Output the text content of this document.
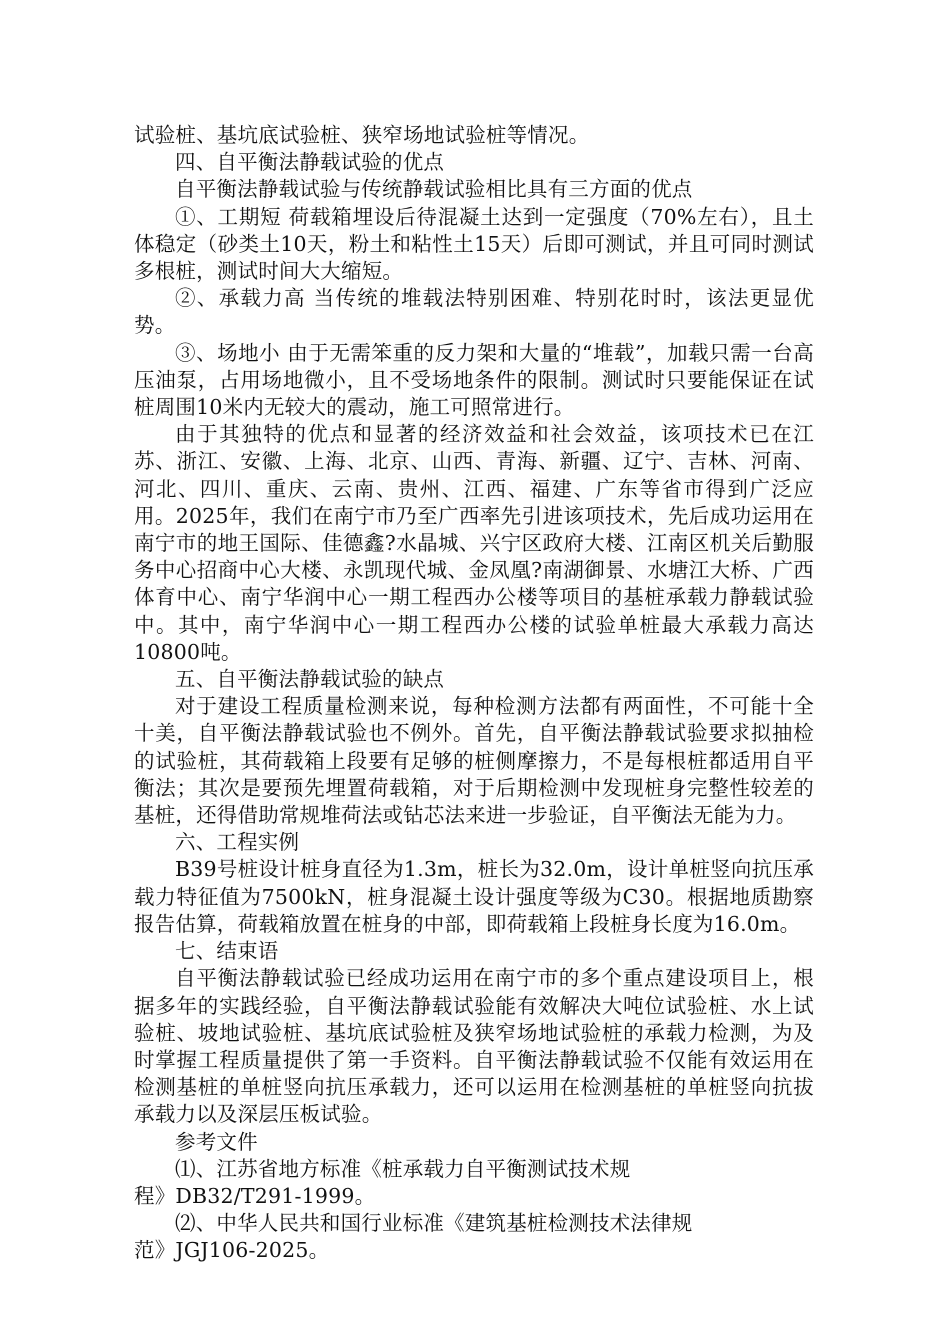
试验桩、基坑底试验桩、狭窄场地试验桩等情况。

四、自平衡法静载试验的优点

自平衡法静载试验与传统静载试验相比具有三方面的优点

①、工期短 荷载箱埋设后待混凝土达到一定强度（70%左右），且土体稳定（砂类土10天，粉土和粘性土15天）后即可测试，并且可同时测试多根桩，测试时间大大缩短。

②、承载力高 当传统的堆载法特别困难、特别花时时，该法更显优势。

③、场地小 由于无需笨重的反力架和大量的“堆载”，加载只需一台高压油泵，占用场地微小，且不受场地条件的限制。测试时只要能保证在试桩周围10米内无较大的震动，施工可照常进行。

由于其独特的优点和显著的经济效益和社会效益，该项技术已在江苏、浙江、安徽、上海、北京、山西、青海、新疆、辽宁、吉林、河南、河北、四川、重庆、云南、贵州、江西、福建、广东等省市得到广泛应用。2025年，我们在南宁市乃至广西率先引进该项技术，先后成功运用在南宁市的地王国际、佳德鑫?水晶城、兴宁区政府大楼、江南区机关后勤服务中心招商中心大楼、永凯现代城、金凤凰?南湖御景、水塘江大桥、广西体育中心、南宁华润中心一期工程西办公楼等项目的基桩承载力静载试验中。其中，南宁华润中心一期工程西办公楼的试验单桩最大承载力高达10800吨。

五、自平衡法静载试验的缺点

对于建设工程质量检测来说，每种检测方法都有两面性，不可能十全十美，自平衡法静载试验也不例外。首先，自平衡法静载试验要求拟抽检的试验桩，其荷载箱上段要有足够的桩侧摩擦力，不是每根桩都适用自平衡法；其次是要预先埋置荷载箱，对于后期检测中发现桩身完整性较差的基桩，还得借助常规堆荷法或钻芯法来进一步验证，自平衡法无能为力。

六、工程实例

B39号桩设计桩身直径为1.3m，桩长为32.0m，设计单桩竖向抗压承载力特征值为7500kN，桩身混凝土设计强度等级为C30。根据地质勘察报告估算，荷载箱放置在桩身的中部，即荷载箱上段桩身长度为16.0m。

七、结束语

自平衡法静载试验已经成功运用在南宁市的多个重点建设项目上，根据多年的实践经验，自平衡法静载试验能有效解决大吨位试验桩、水上试验桩、坡地试验桩、基坑底试验桩及狭窄场地试验桩的承载力检测，为及时掌握工程质量提供了第一手资料。自平衡法静载试验不仅能有效运用在检测基桩的单桩竖向抗压承载力，还可以运用在检测基桩的单桩竖向抗拔承载力以及深层压板试验。

参考文件

⑴、江苏省地方标准《桩承载力自平衡测试技术规

程》DB32/T291-1999。

⑵、中华人民共和国行业标准《建筑基桩检测技术法律规

范》JGJ106-2025。
